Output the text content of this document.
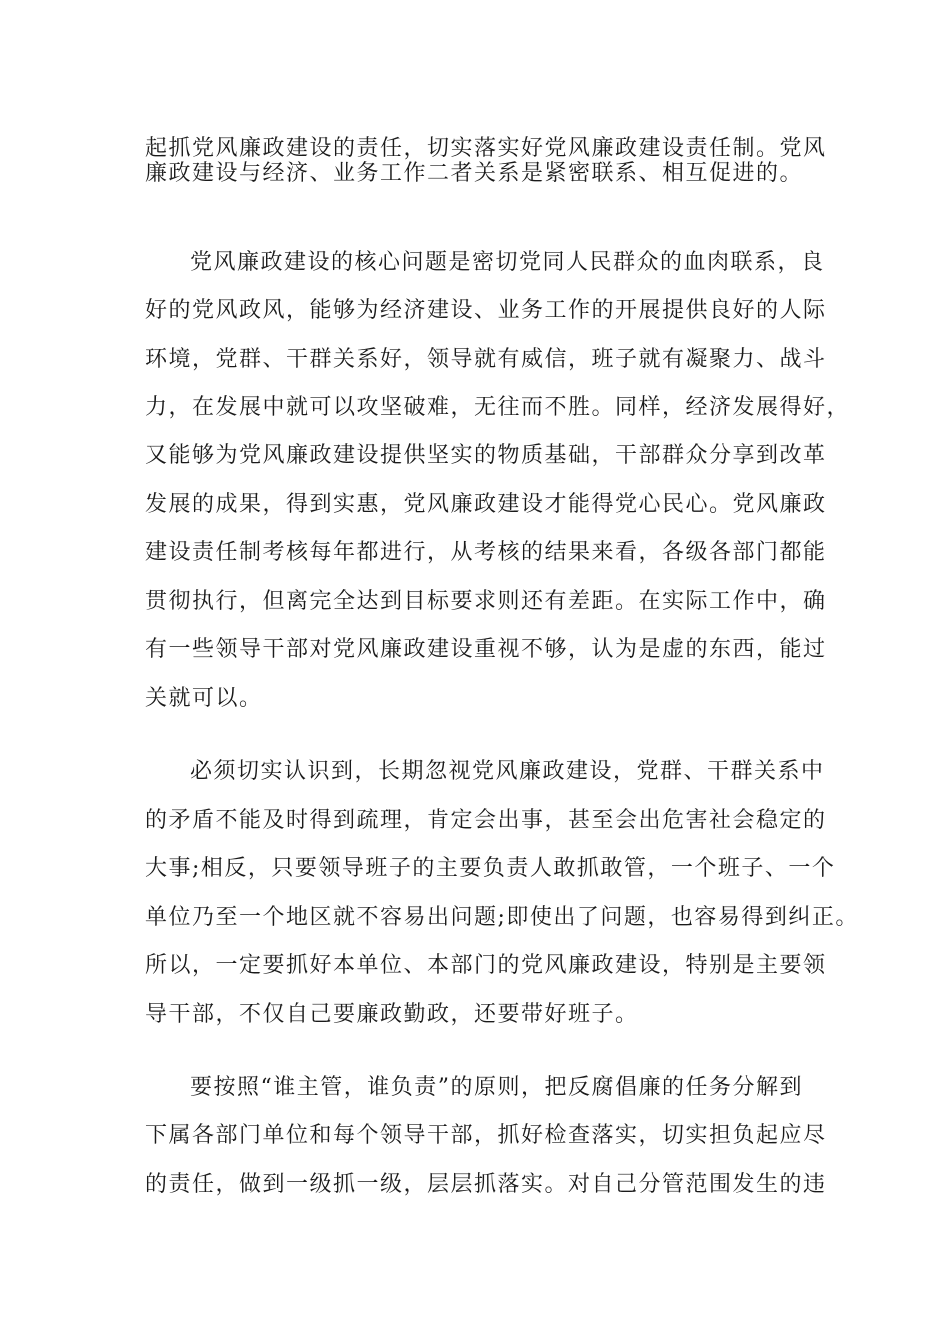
起抓党风廉政建设的责任，切实落实好党风廉政建设责任制。党风
廉政建设与经济、业务工作二者关系是紧密联系、相互促进的。
党风廉政建设的核心问题是密切党同人民群众的血肉联系，良
好的党风政风，能够为经济建设、业务工作的开展提供良好的人际
环境，党群、干群关系好，领导就有威信，班子就有凝聚力、战斗
力，在发展中就可以攻坚破难，无往而不胜。同样，经济发展得好，
又能够为党风廉政建设提供坚实的物质基础，干部群众分享到改革
发展的成果，得到实惠，党风廉政建设才能得党心民心。党风廉政
建设责任制考核每年都进行，从考核的结果来看，各级各部门都能
贯彻执行，但离完全达到目标要求则还有差距。在实际工作中，确
有一些领导干部对党风廉政建设重视不够，认为是虚的东西，能过
关就可以。
必须切实认识到，长期忽视党风廉政建设，党群、干群关系中
的矛盾不能及时得到疏理，肯定会出事，甚至会出危害社会稳定的
大事;相反，只要领导班子的主要负责人敢抓敢管，一个班子、一个
单位乃至一个地区就不容易出问题;即使出了问题，也容易得到纠正。
所以，一定要抓好本单位、本部门的党风廉政建设，特别是主要领
导干部，不仅自己要廉政勤政，还要带好班子。
要按照“谁主管，谁负责”的原则，把反腐倡廉的任务分解到
下属各部门单位和每个领导干部，抓好检查落实，切实担负起应尽
的责任，做到一级抓一级，层层抓落实。对自己分管范围发生的违
